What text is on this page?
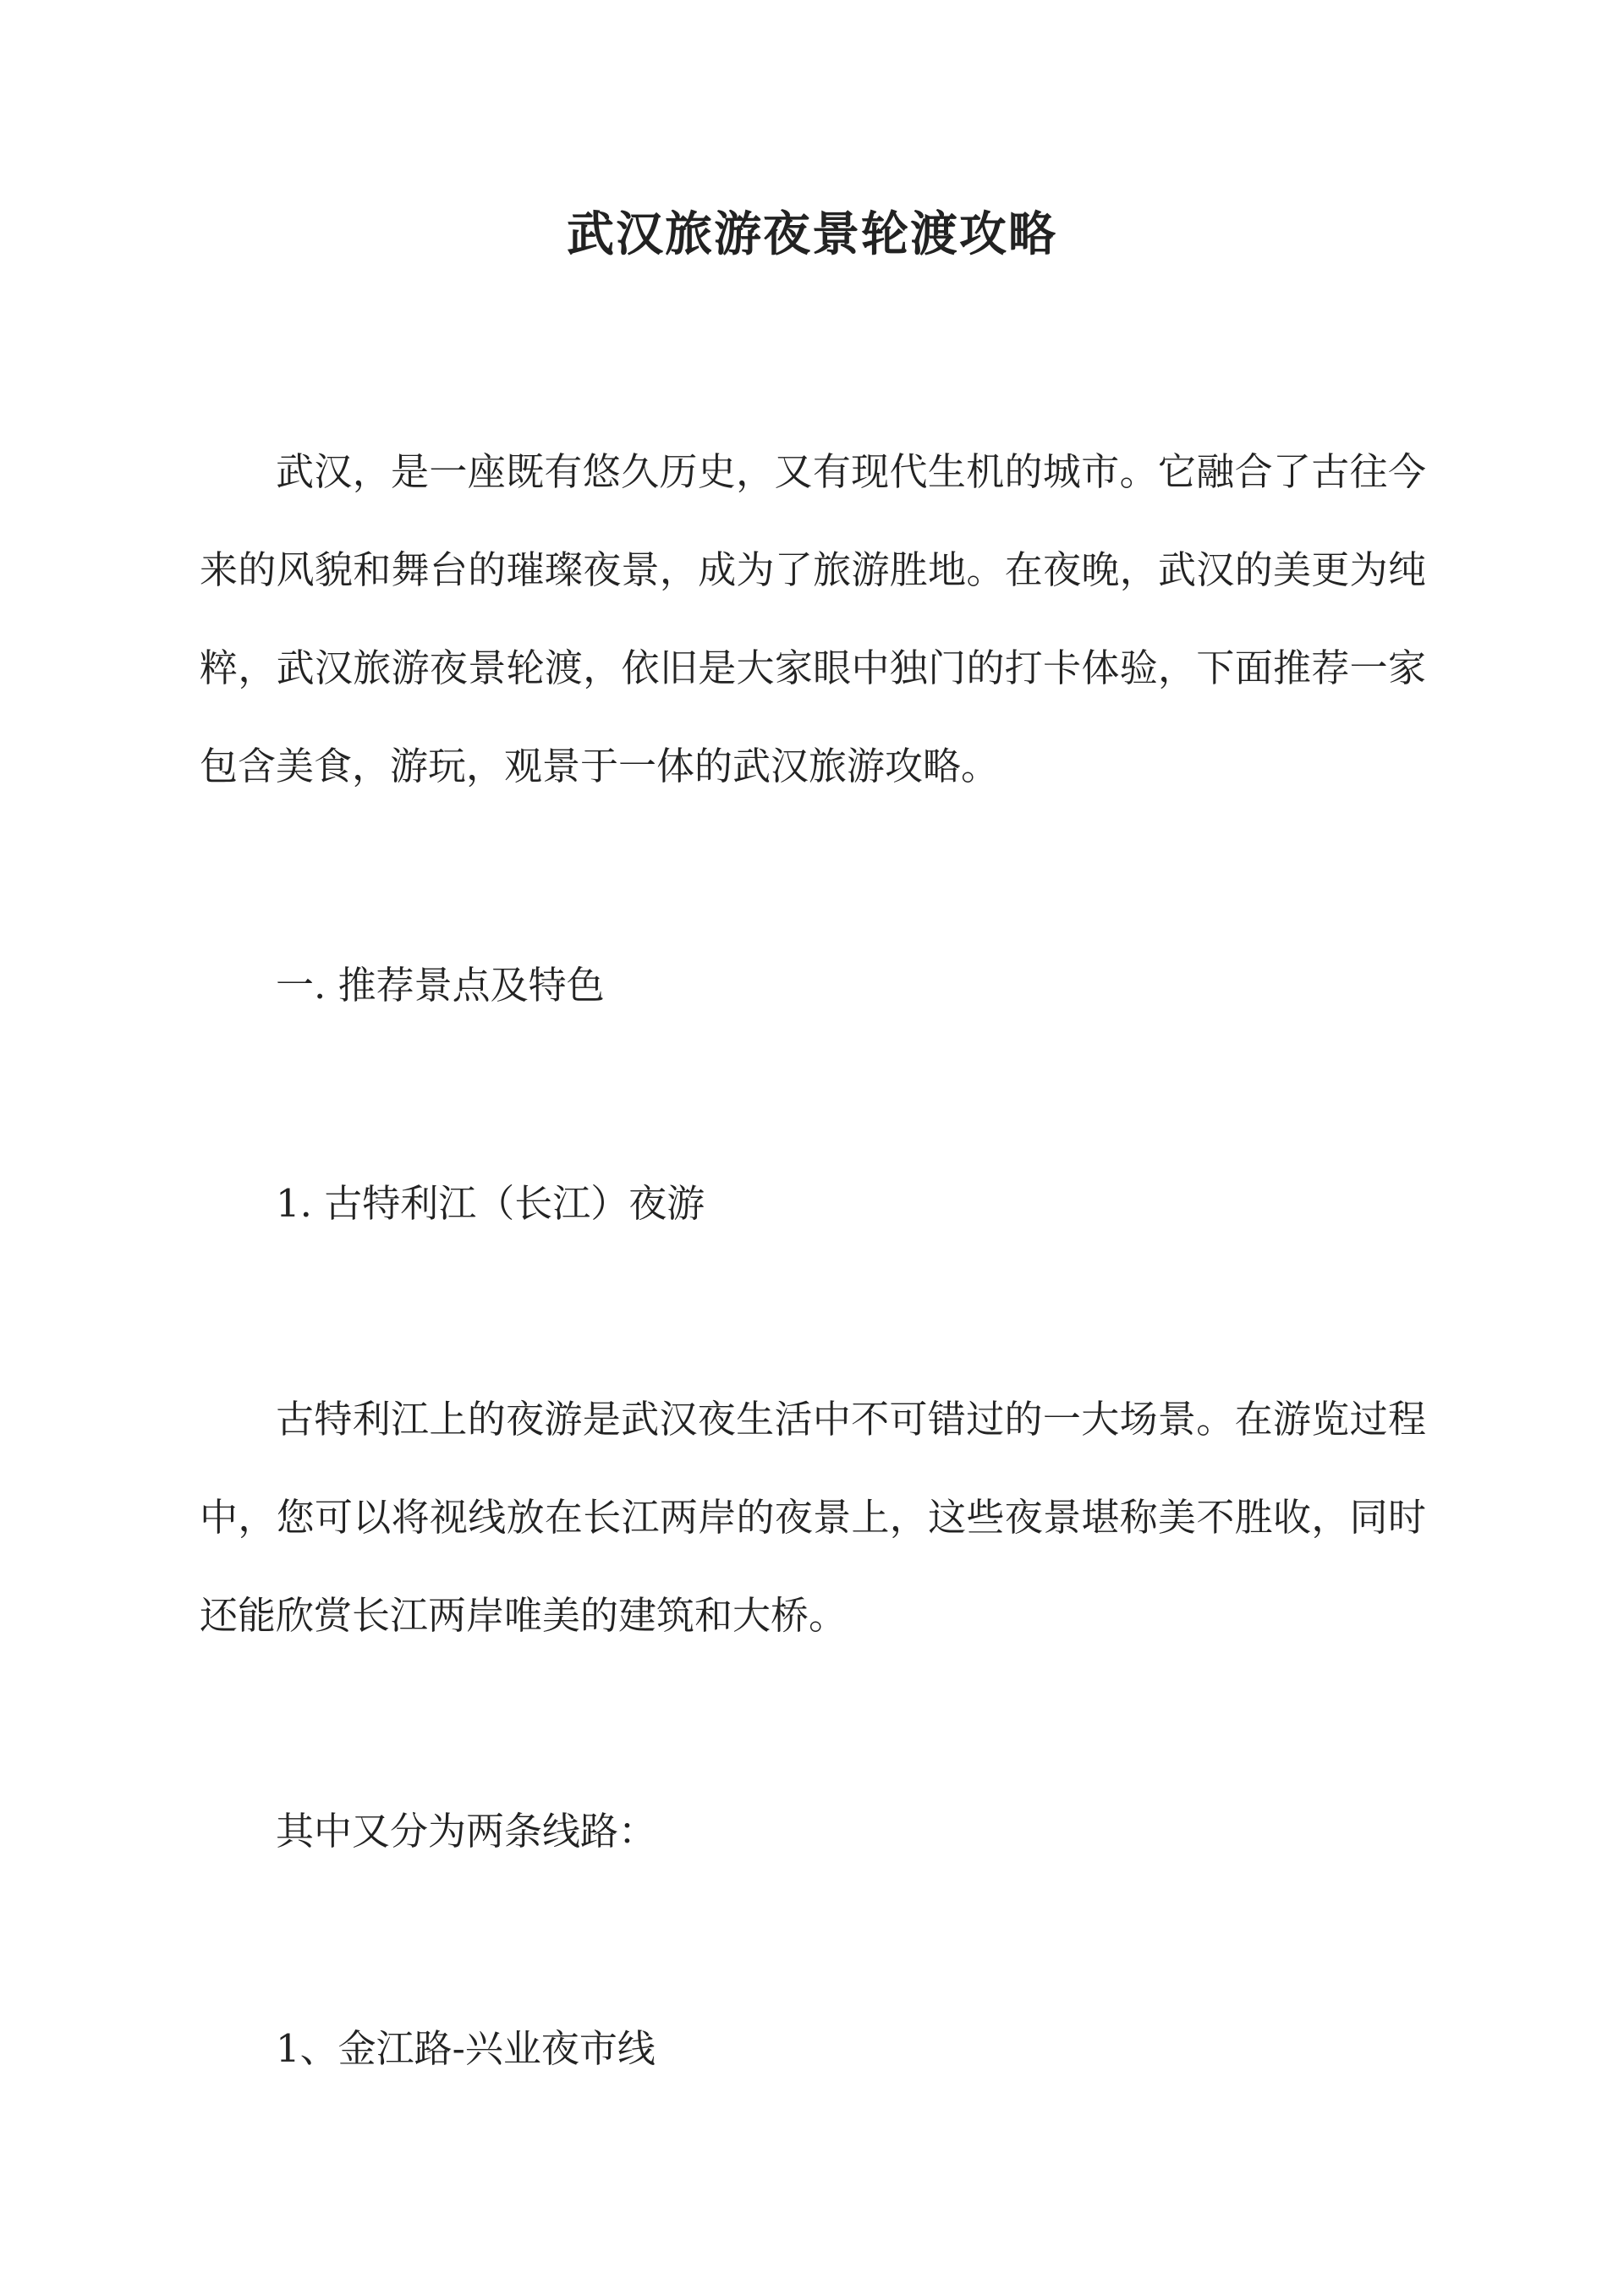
武汉旅游夜景轮渡攻略

武汉，是一座既有悠久历史，又有现代生机的城市。它融合了古往今来的风貌和舞台的璀璨夜景，成为了旅游胜地。在夜晚，武汉的美更为纯粹，武汉旅游夜景轮渡，依旧是大家眼中独门的打卡体验，下面推荐一家包含美食，游玩，观景于一体的武汉旅游攻略。

一. 推荐景点及特色
1. 古特利江（长江）夜游

古特利江上的夜游是武汉夜生活中不可错过的一大场景。在游览过程中，您可以将视线放在长江两岸的夜景上，这些夜景堪称美不胜收，同时还能欣赏长江两岸唯美的建筑和大桥。

其中又分为两条线路：
1、金江路-兴业夜市线
